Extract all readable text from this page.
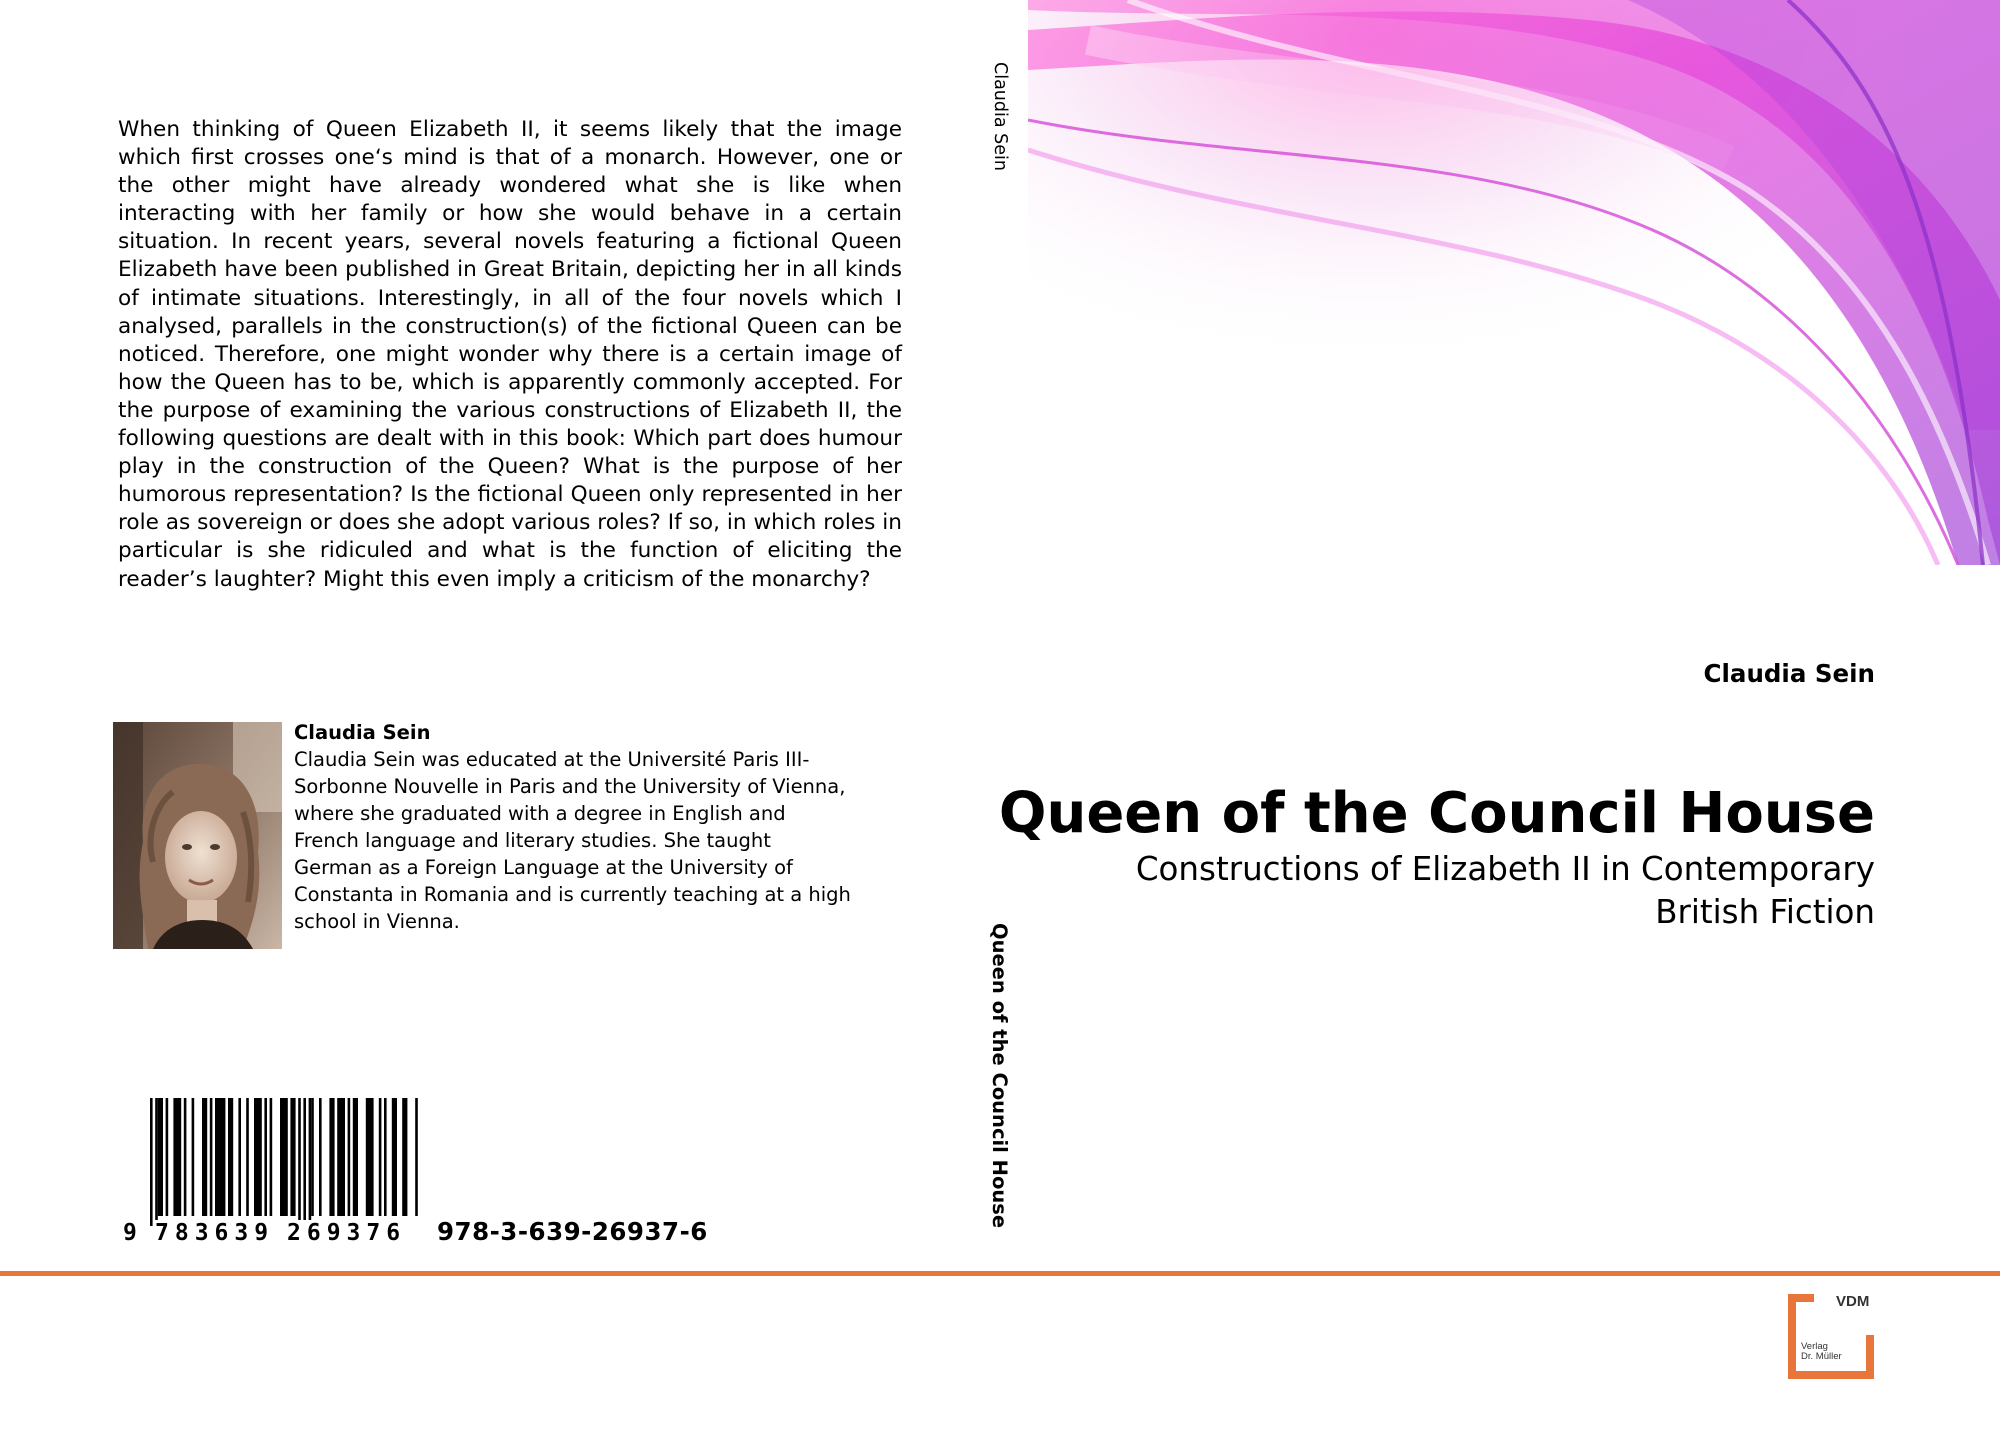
When thinking of Queen Elizabeth II, it seems likely that the image which first crosses one‘s mind is that of a monarch. However, one or the other might have already wondered what she is like when interacting with her family or how she would behave in a certain situation. In recent years, several novels featuring a fictional Queen Elizabeth have been published in Great Britain, depicting her in all kinds of intimate situations. Interestingly, in all of the four novels which I analysed, parallels in the construction(s) of the fictional Queen can be noticed. Therefore, one might wonder why there is a certain image of how the Queen has to be, which is apparently commonly accepted. For the purpose of examining the various constructions of Elizabeth II, the following questions are dealt with in this book: Which part does humour play in the construction of the Queen? What is the purpose of her humorous representation? Is the fictional Queen only represented in her role as sovereign or does she adopt various roles? If so, in which roles in particular is she ridiculed and what is the function of eliciting the reader’s laughter? Might this even imply a criticism of the monarchy?

Claudia Sein

Claudia Sein was educated at the Université Paris III-Sorbonne Nouvelle in Paris and the University of Vienna, where she graduated with a degree in English and French language and literary studies. She taught German as a Foreign Language at the University of Constanta in Romania and is currently teaching at a high school in Vienna.

9 783639 269376 978-3-639-26937-6
Claudia Sein
Queen of the Council House
Claudia Sein
Queen of the Council House
Constructions of Elizabeth II in Contemporary British Fiction
VDM
Verlag
Dr. Müller
